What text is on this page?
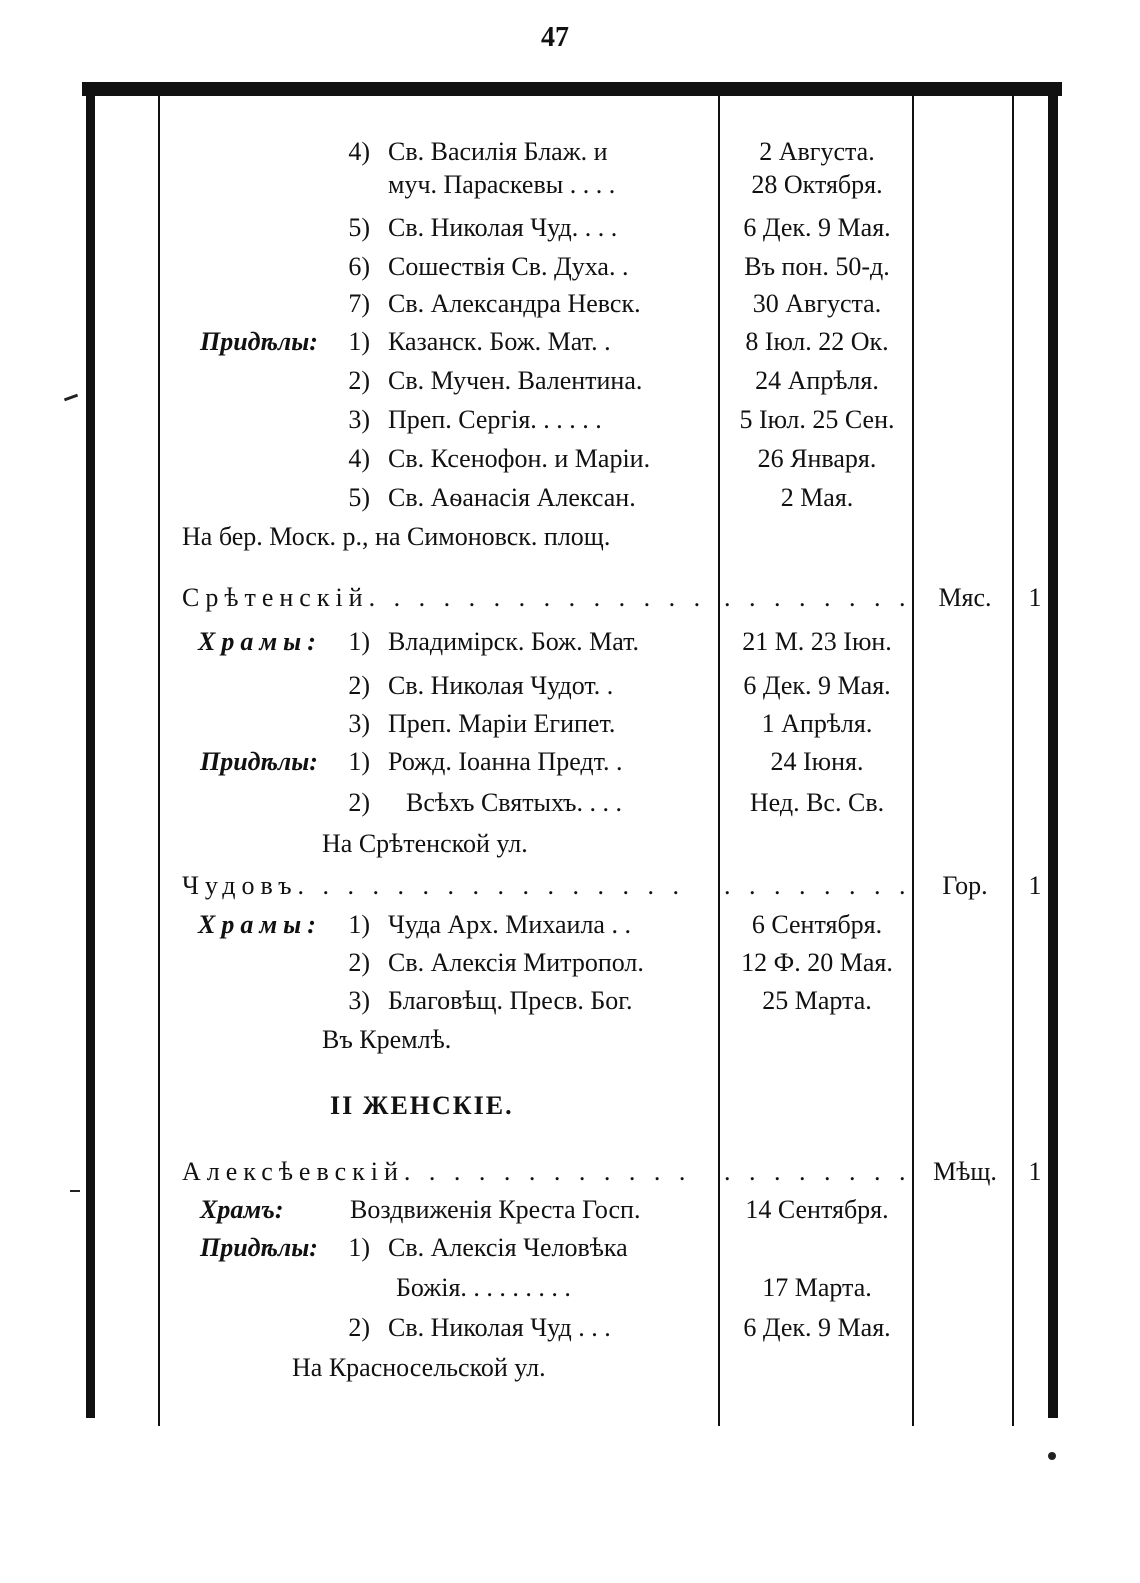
47
4) Св. Василія Блаж. и	2 Августа.
муч. Параскевы . . . .	28 Октября.
5) Св. Николая Чуд. . . .	6 Дек. 9 Мая.
6) Сошествія Св. Духа. .	Въ пон. 50-д.
7) Св. Александра Невск.	30 Августа.
Придѣлы: 1) Казанск. Бож. Мат. .	8 Іюл. 22 Ок.
2) Св. Мучен. Валентина.	24 Апрѣля.
3) Преп. Сергія. . . . . .	5 Іюл. 25 Сен.
4) Св. Ксенофон. и Маріи.	26 Января.
5) Св. Аѳанасія Алексан.	2 Мая.
На бер. Моск. р., на Симоновск. площ.
Срѣтенскій. . . . . . . . . . . . . . . . . . . . . .	Мяс.	1
Храмы: 1) Владимірск. Бож. Мат.	21 М. 23 Іюн.
2) Св. Николая Чудот. .	6 Дек. 9 Мая.
3) Преп. Маріи Египет.	1 Апрѣля.
Придѣлы: 1) Рожд. Іоанна Предт. .	24 Іюня.
2) Всѣхъ Святыхъ. . . .	Нед. Вс. Св.
На Срѣтенской ул.
Чудовъ. . . . . . . . . . . . . . . . . . . . . . . .	Гор.	1
Храмы: 1) Чуда Арх. Михаила . .	6 Сентября.
2) Св. Алексія Митропол.	12 Ф. 20 Мая.
3) Благовѣщ. Пресв. Бог.	25 Марта.
Въ Кремлѣ.
II ЖЕНСКІЕ.
Алексѣевскій. . . . . . . . . . . . . . . . . . . . Мѣщ.	1
Храмъ:	Воздвиженія Креста Госп.	14 Сентября.
Придѣлы: 1) Св. Алексія Человѣка
Божія. . . . . . . . .	17 Марта.
2) Св. Николая Чуд . . .	6 Дек. 9 Мая.
На Красносельской ул.
